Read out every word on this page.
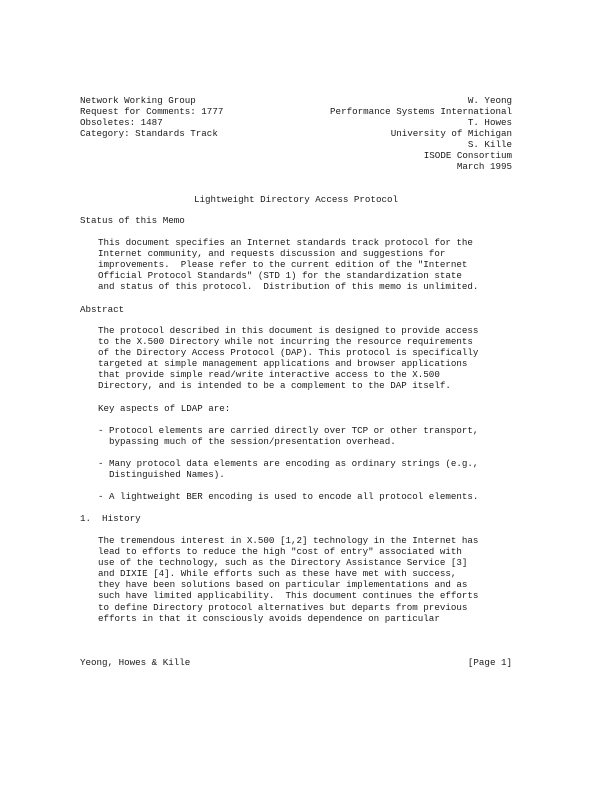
Network Working Group
Request for Comments: 1777
Obsoletes: 1487
Category: Standards Track
W. Yeong
Performance Systems International
T. Howes
University of Michigan
S. Kille
ISODE Consortium
March 1995
Lightweight Directory Access Protocol
Status of this Memo
This document specifies an Internet standards track protocol for the
Internet community, and requests discussion and suggestions for
improvements.  Please refer to the current edition of the "Internet
Official Protocol Standards" (STD 1) for the standardization state
and status of this protocol.  Distribution of this memo is unlimited.
Abstract
The protocol described in this document is designed to provide access
to the X.500 Directory while not incurring the resource requirements
of the Directory Access Protocol (DAP). This protocol is specifically
targeted at simple management applications and browser applications
that provide simple read/write interactive access to the X.500
Directory, and is intended to be a complement to the DAP itself.
Key aspects of LDAP are:
- Protocol elements are carried directly over TCP or other transport,
bypassing much of the session/presentation overhead.
- Many protocol data elements are encoding as ordinary strings (e.g.,
Distinguished Names).
- A lightweight BER encoding is used to encode all protocol elements.
1.  History
The tremendous interest in X.500 [1,2] technology in the Internet has
lead to efforts to reduce the high "cost of entry" associated with
use of the technology, such as the Directory Assistance Service [3]
and DIXIE [4]. While efforts such as these have met with success,
they have been solutions based on particular implementations and as
such have limited applicability.  This document continues the efforts
to define Directory protocol alternatives but departs from previous
efforts in that it consciously avoids dependence on particular
Yeong, Howes & Kille	[Page 1]
